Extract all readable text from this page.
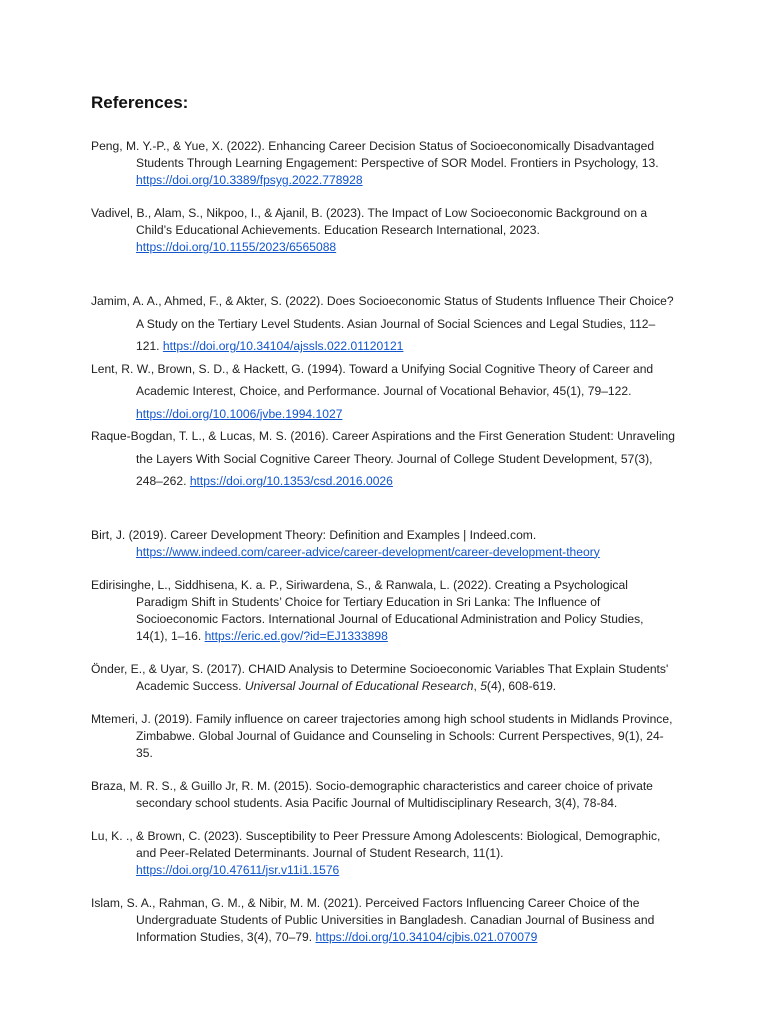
References:

Peng, M. Y.-P., & Yue, X. (2022). Enhancing Career Decision Status of Socioeconomically Disadvantaged Students Through Learning Engagement: Perspective of SOR Model. Frontiers in Psychology, 13. https://doi.org/10.3389/fpsyg.2022.778928

Vadivel, B., Alam, S., Nikpoo, I., & Ajanil, B. (2023). The Impact of Low Socioeconomic Background on a Child’s Educational Achievements. Education Research International, 2023. https://doi.org/10.1155/2023/6565088

Jamim, A. A., Ahmed, F., & Akter, S. (2022). Does Socioeconomic Status of Students Influence Their Choice? A Study on the Tertiary Level Students. Asian Journal of Social Sciences and Legal Studies, 112–121. https://doi.org/10.34104/ajssls.022.01120121

Lent, R. W., Brown, S. D., & Hackett, G. (1994). Toward a Unifying Social Cognitive Theory of Career and Academic Interest, Choice, and Performance. Journal of Vocational Behavior, 45(1), 79–122. https://doi.org/10.1006/jvbe.1994.1027

Raque-Bogdan, T. L., & Lucas, M. S. (2016). Career Aspirations and the First Generation Student: Unraveling the Layers With Social Cognitive Career Theory. Journal of College Student Development, 57(3), 248–262. https://doi.org/10.1353/csd.2016.0026

Birt, J. (2019). Career Development Theory: Definition and Examples | Indeed.com. https://www.indeed.com/career-advice/career-development/career-development-theory

Edirisinghe, L., Siddhisena, K. a. P., Siriwardena, S., & Ranwala, L. (2022). Creating a Psychological Paradigm Shift in Students’ Choice for Tertiary Education in Sri Lanka: The Influence of Socioeconomic Factors. International Journal of Educational Administration and Policy Studies, 14(1), 1–16. https://eric.ed.gov/?id=EJ1333898

Önder, E., & Uyar, S. (2017). CHAID Analysis to Determine Socioeconomic Variables That Explain Students' Academic Success. Universal Journal of Educational Research, 5(4), 608-619.

Mtemeri, J. (2019). Family influence on career trajectories among high school students in Midlands Province, Zimbabwe. Global Journal of Guidance and Counseling in Schools: Current Perspectives, 9(1), 24-35.

Braza, M. R. S., & Guillo Jr, R. M. (2015). Socio-demographic characteristics and career choice of private secondary school students. Asia Pacific Journal of Multidisciplinary Research, 3(4), 78-84.

Lu, K. ., & Brown, C. (2023). Susceptibility to Peer Pressure Among Adolescents: Biological, Demographic, and Peer-Related Determinants. Journal of Student Research, 11(1). https://doi.org/10.47611/jsr.v11i1.1576

Islam, S. A., Rahman, G. M., & Nibir, M. M. (2021). Perceived Factors Influencing Career Choice of the Undergraduate Students of Public Universities in Bangladesh. Canadian Journal of Business and Information Studies, 3(4), 70–79. https://doi.org/10.34104/cjbis.021.070079
